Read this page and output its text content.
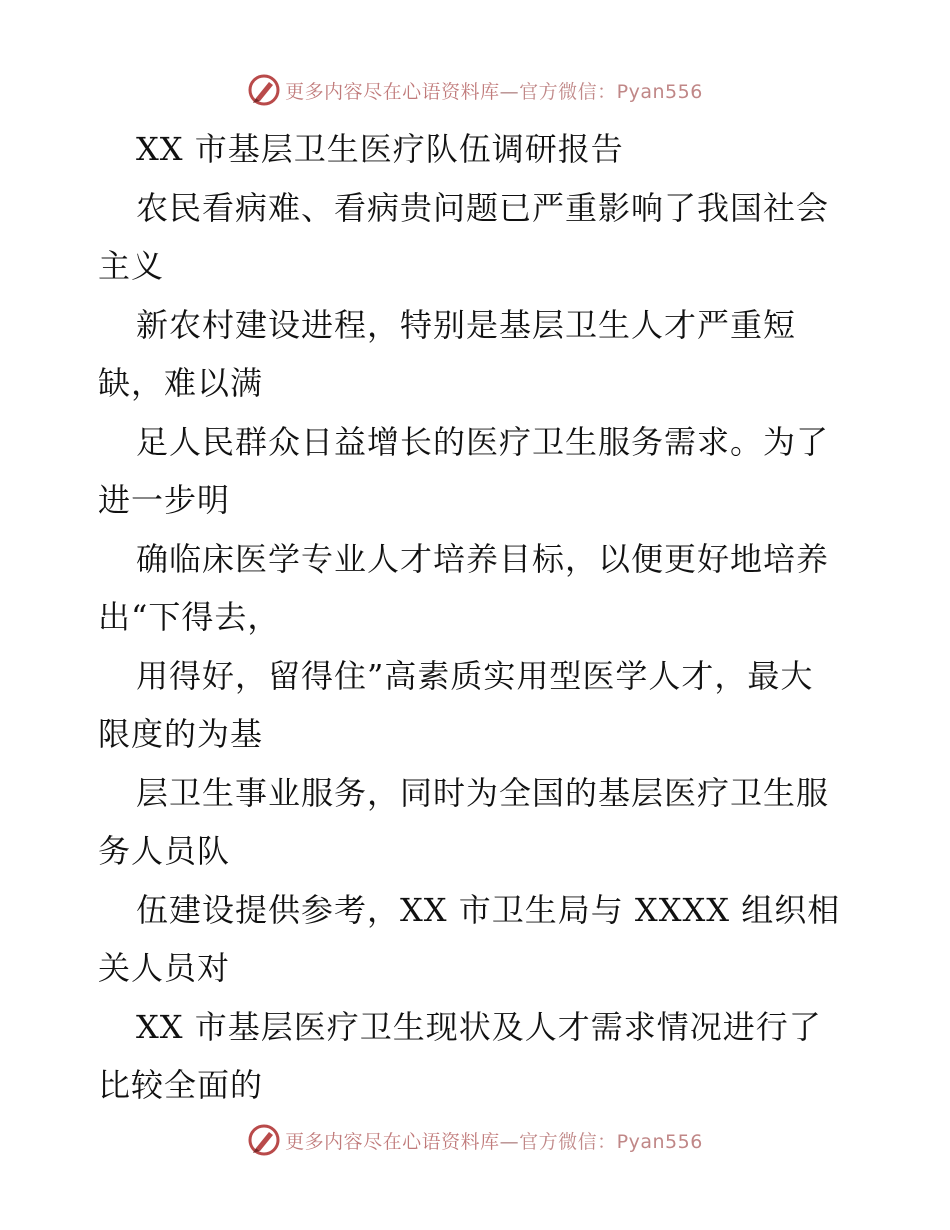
更多内容尽在心语资料库—官方微信：Pyan556
XX 市基层卫生医疗队伍调研报告
农民看病难、看病贵问题已严重影响了我国社会
主义
新农村建设进程，特别是基层卫生人才严重短
缺，难以满
足人民群众日益增长的医疗卫生服务需求。为了
进一步明
确临床医学专业人才培养目标，以便更好地培养
出“下得去，
用得好，留得住”高素质实用型医学人才，最大
限度的为基
层卫生事业服务，同时为全国的基层医疗卫生服
务人员队
伍建设提供参考，XX 市卫生局与 XXXX 组织相
关人员对
XX 市基层医疗卫生现状及人才需求情况进行了
比较全面的
更多内容尽在心语资料库—官方微信：Pyan556
